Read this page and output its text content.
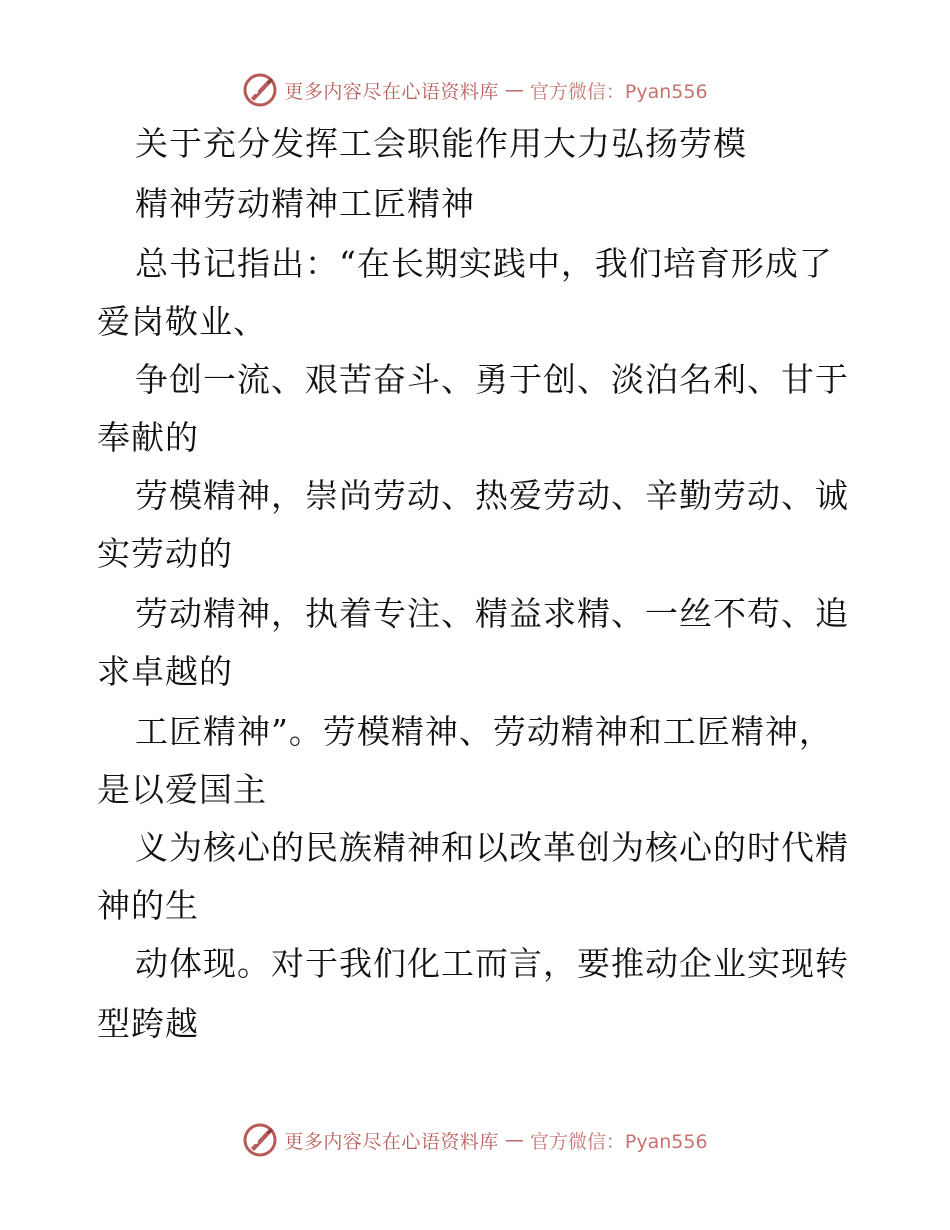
更多内容尽在心语资料库 — 官方微信：Pyan556
关于充分发挥工会职能作用大力弘扬劳模
精神劳动精神工匠精神
总书记指出：“在长期实践中，我们培育形成了
爱岗敬业、
争创一流、艰苦奋斗、勇于创、淡泊名利、甘于
奉献的
劳模精神，崇尚劳动、热爱劳动、辛勤劳动、诚
实劳动的
劳动精神，执着专注、精益求精、一丝不苟、追
求卓越的
工匠精神”。劳模精神、劳动精神和工匠精神，
是以爱国主
义为核心的民族精神和以改革创为核心的时代精
神的生
动体现。对于我们化工而言，要推动企业实现转
型跨越
更多内容尽在心语资料库 — 官方微信：Pyan556
